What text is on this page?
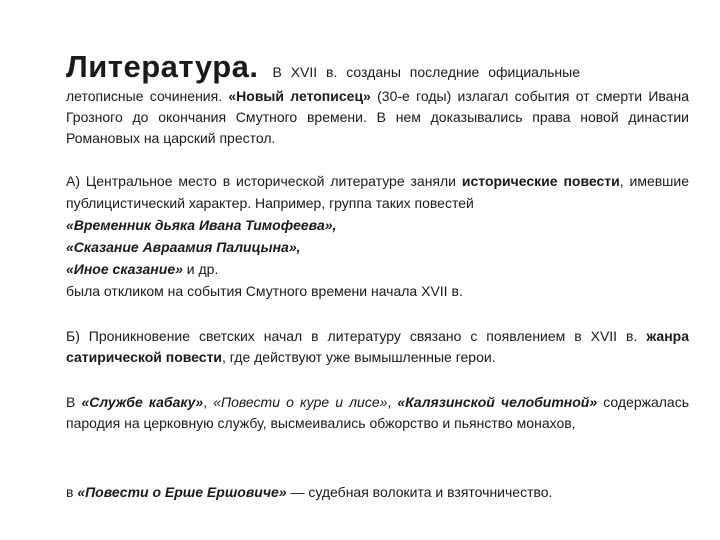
Литература. В XVII в. созданы последние официальные
летописные сочинения. «Новый летописец» (30-е годы) излагал события от смерти Ивана Грозного до окончания Смутного времени. В нем доказывались права новой династии Романовых на царский престол.
А) Центральное место в исторической литературе заняли исторические повести, имевшие публицистический характер. Например, группа таких повестей
«Временник дьяка Ивана Тимофеева»,
«Сказание Авраамия Палицына»,
«Иное сказание» и др.
была откликом на события Смутного времени начала XVII в.
Б) Проникновение светских начал в литературу связано с появлением в XVII в. жанра сатирической повести, где действуют уже вымышленные герои.
В «Службе кабаку», «Повести о куре и лисе», «Калязинской челобитной» содержалась пародия на церковную службу, высмеивались обжорство и пьянство монахов,
в «Повести о Ерше Ершовиче» — судебная волокита и взяточничество.
